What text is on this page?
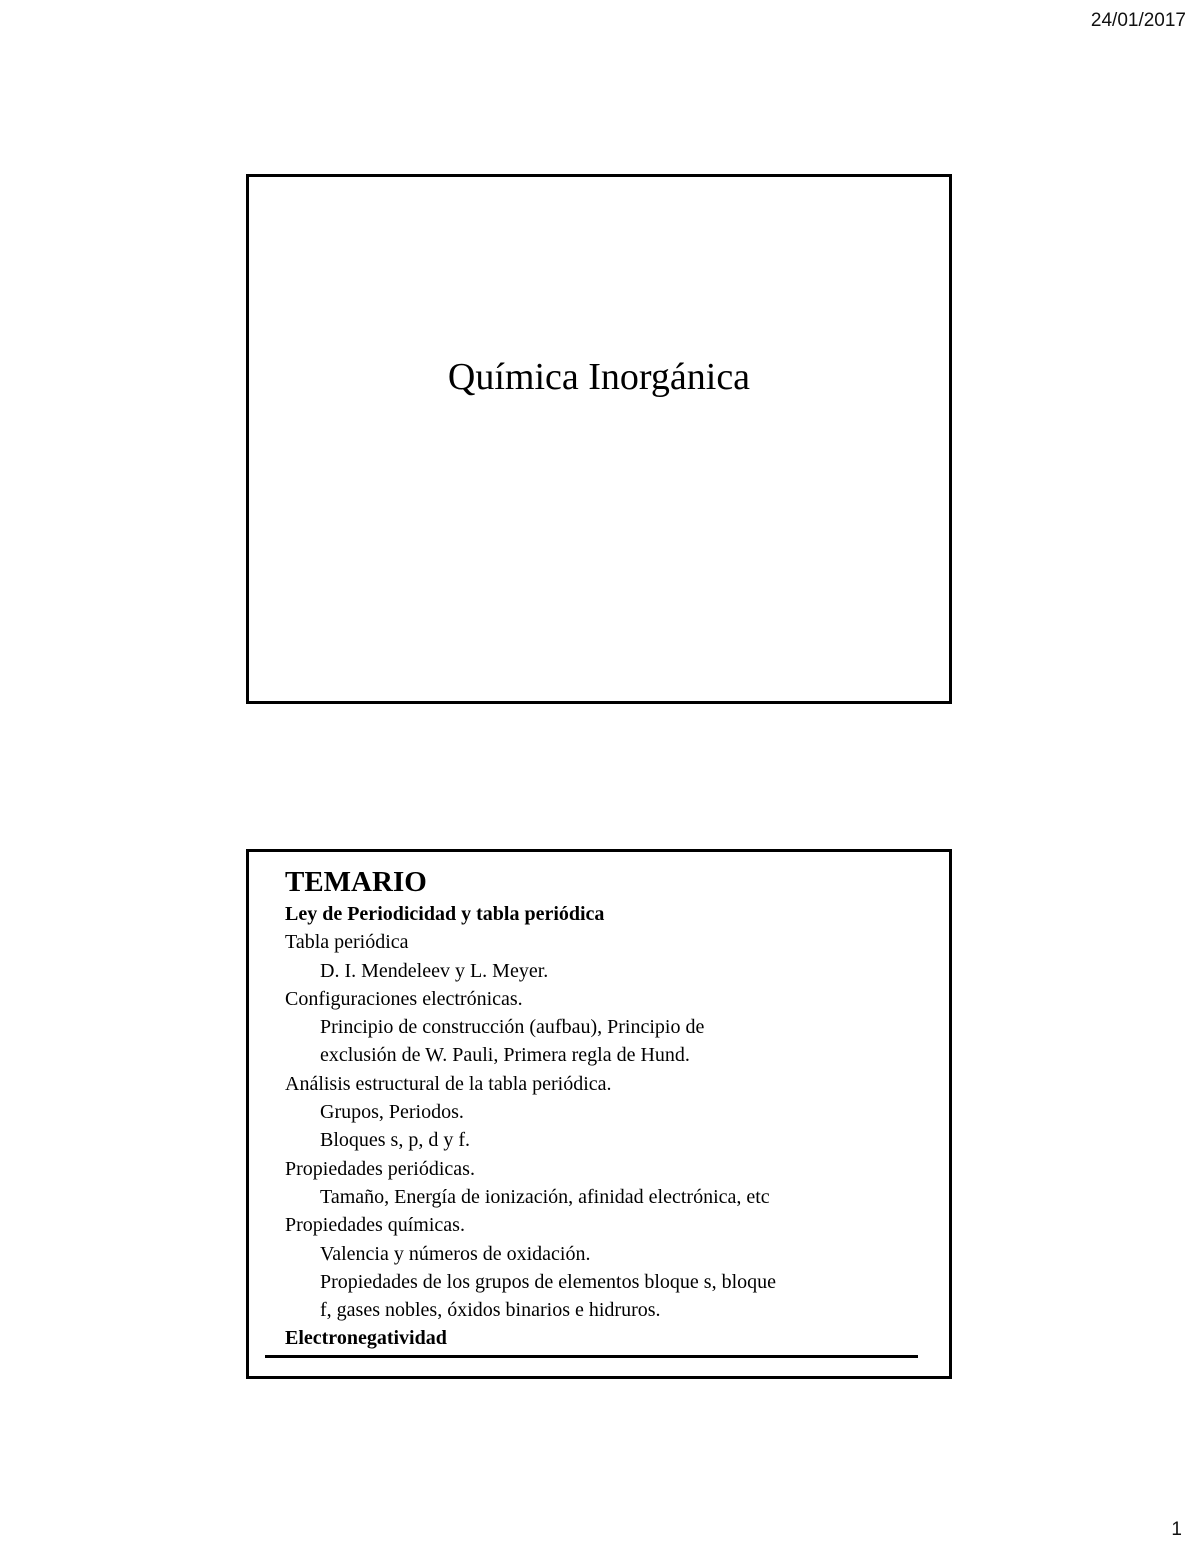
24/01/2017
Química Inorgánica
TEMARIO
Ley de Periodicidad y tabla periódica
Tabla periódica
D. I. Mendeleev y L. Meyer.
Configuraciones electrónicas.
Principio de construcción (aufbau), Principio de
exclusión de W. Pauli, Primera regla de Hund.
Análisis estructural de la tabla periódica.
Grupos, Periodos.
Bloques s, p, d y f.
Propiedades periódicas.
Tamaño, Energía de ionización, afinidad electrónica, etc
Propiedades químicas.
Valencia y números de oxidación.
Propiedades de los grupos de elementos bloque s, bloque
f, gases nobles, óxidos binarios e hidruros.
Electronegatividad
1
